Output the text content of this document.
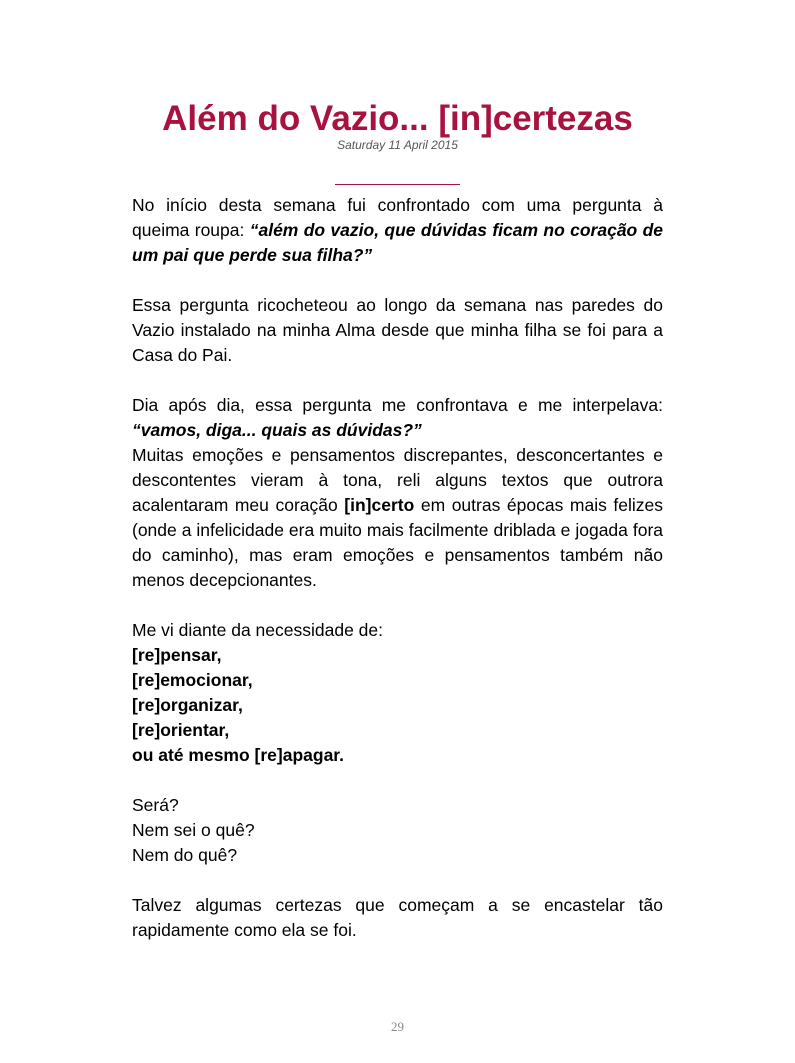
Além do Vazio... [in]certezas
Saturday 11 April 2015

No início desta semana fui confrontado com uma pergunta à queima roupa: “além do vazio, que dúvidas ficam no coração de um pai que perde sua filha?”

Essa pergunta ricocheteou ao longo da semana nas paredes do Vazio instalado na minha Alma desde que minha filha se foi para a Casa do Pai.

Dia após dia, essa pergunta me confrontava e me interpelava: “vamos, diga... quais as dúvidas?”

Muitas emoções e pensamentos discrepantes, desconcertantes e descontentes vieram à tona, reli alguns textos que outrora acalentaram meu coração [in]certo em outras épocas mais felizes (onde a infelicidade era muito mais facilmente driblada e jogada fora do caminho), mas eram emoções e pensamentos também não menos decepcionantes.

Me vi diante da necessidade de:
[re]pensar,
[re]emocionar,
[re]organizar,
[re]orientar,
ou até mesmo [re]apagar.

Será?
Nem sei o quê?
Nem do quê?

Talvez algumas certezas que começam a se encastelar tão rapidamente como ela se foi.

29
